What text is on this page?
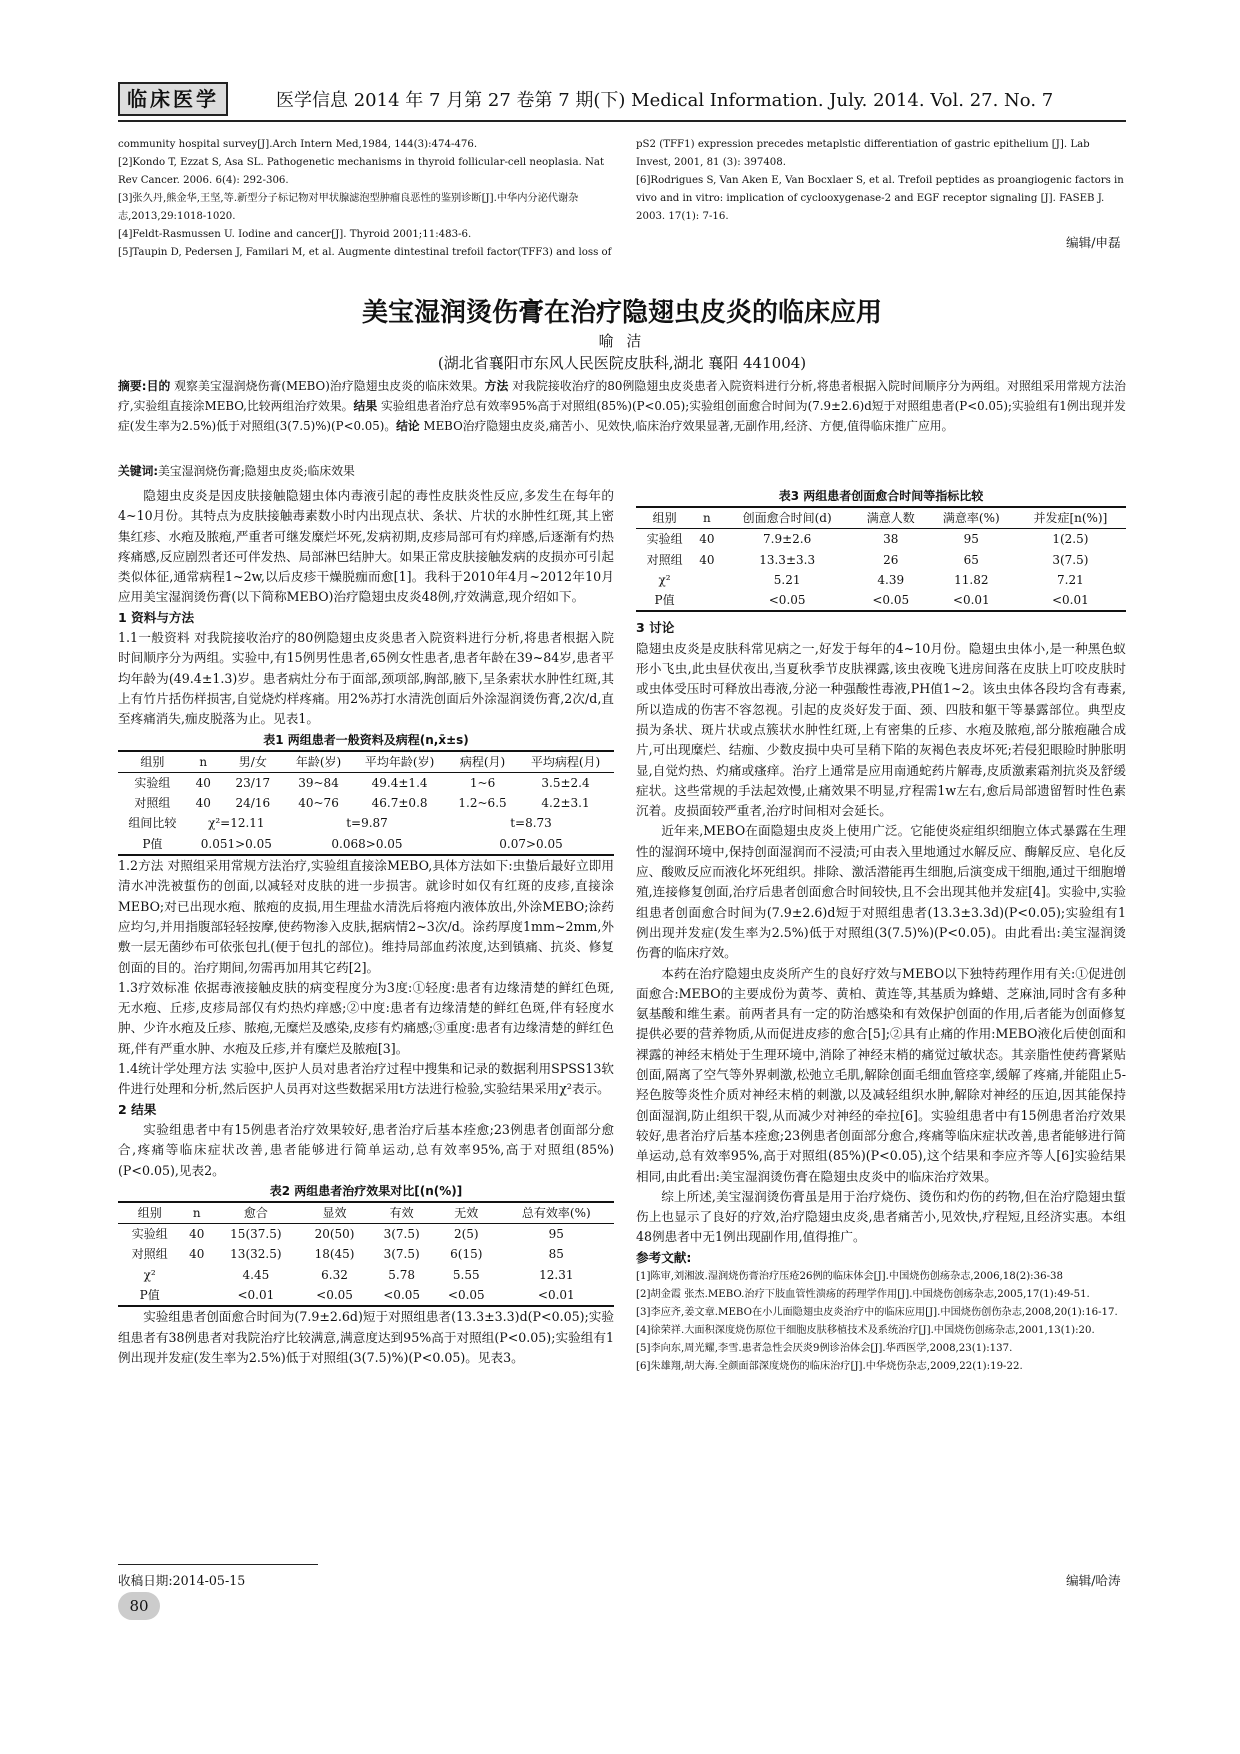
临床医学	医学信息 2014 年 7 月第 27 卷第 7 期(下) Medical Information. July. 2014. Vol. 27. No. 7

community hospital survey[J].Arch Intern Med,1984, 144(3):474-476.

[2]Kondo T, Ezzat S, Asa SL. Pathogenetic mechanisms in thyroid follicular-cell neoplasia. Nat Rev Cancer. 2006. 6(4): 292-306.

[3]张久丹,熊金华,王坚,等.新型分子标记物对甲状腺滤泡型肿瘤良恶性的鉴别诊断[J].中华内分泌代谢杂志,2013,29:1018-1020.

[4]Feldt-Rasmussen U. Iodine and cancer[J]. Thyroid 2001;11:483-6.

[5]Taupin D, Pedersen J, Familari M, et al. Augmente dintestinal trefoil factor(TFF3) and loss of

pS2 (TFF1) expression precedes metaplstic differentiation of gastric epithelium [J]. Lab Invest, 2001, 81 (3): 397408.

[6]Rodrigues S, Van Aken E, Van Bocxlaer S, et al. Trefoil peptides as proangiogenic factors in vivo and in vitro: implication of cyclooxygenase-2 and EGF receptor signaling [J]. FASEB J. 2003. 17(1): 7-16.

编辑/申磊
美宝湿润烫伤膏在治疗隐翅虫皮炎的临床应用
喻 洁
(湖北省襄阳市东风人民医院皮肤科,湖北 襄阳 441004)
摘要:目的 观察美宝湿润烧伤膏(MEBO)治疗隐翅虫皮炎的临床效果。方法 对我院接收治疗的80例隐翅虫皮炎患者入院资料进行分析,将患者根据入院时间顺序分为两组。对照组采用常规方法治疗,实验组直接涂MEBO,比较两组治疗效果。结果 实验组患者治疗总有效率95%高于对照组(85%)(P<0.05);实验组创面愈合时间为(7.9±2.6)d短于对照组患者(P<0.05);实验组有1例出现并发症(发生率为2.5%)低于对照组(3(7.5)%)(P<0.05)。结论 MEBO治疗隐翅虫皮炎,痛苦小、见效快,临床治疗效果显著,无副作用,经济、方便,值得临床推广应用。
关键词:美宝湿润烧伤膏;隐翅虫皮炎;临床效果

隐翅虫皮炎是因皮肤接触隐翅虫体内毒液引起的毒性皮肤炎性反应,多发生在每年的4~10月份。其特点为皮肤接触毒素数小时内出现点状、条状、片状的水肿性红斑,其上密集红疹、水疱及脓疱,严重者可继发糜烂坏死,发病初期,皮疹局部可有灼痒感,后逐渐有灼热疼痛感,反应剧烈者还可伴发热、局部淋巴结肿大。如果正常皮肤接触发病的皮损亦可引起类似体征,通常病程1~2w,以后皮疹干燥脱痂而愈[1]。我科于2010年4月~2012年10月应用美宝湿润烫伤膏(以下简称MEBO)治疗隐翅虫皮炎48例,疗效满意,现介绍如下。

1 资料与方法

1.1一般资料 对我院接收治疗的80例隐翅虫皮炎患者入院资料进行分析,将患者根据入院时间顺序分为两组。实验中,有15例男性患者,65例女性患者,患者年龄在39~84岁,患者平均年龄为(49.4±1.3)岁。患者病灶分布于面部,颈项部,胸部,腋下,呈条索状水肿性红斑,其上有竹片括伤样损害,自觉烧灼样疼痛。用2%苏打水清洗创面后外涂湿润烫伤膏,2次/d,直至疼痛消失,痂皮脱落为止。见表1。

表1 两组患者一般资料及病程(n,x̄±s)
组别	n	男/女	年龄(岁)	平均年龄(岁)	病程(月)	平均病程(月)
实验组	40	23/17	39~84	49.4±1.4	1~6	3.5±2.4
对照组	40	24/16	40~76	46.7±0.8	1.2~6.5	4.2±3.1
组间比较	χ²=12.11		t=9.87		t=8.73	
P值	0.051>0.05		0.068>0.05		0.07>0.05	

1.2方法 对照组采用常规方法治疗,实验组直接涂MEBO,具体方法如下:虫蛰后最好立即用清水冲洗被蜇伤的创面,以减轻对皮肤的进一步损害。就诊时如仅有红斑的皮疹,直接涂MEBO;对已出现水疱、脓疱的皮损,用生理盐水清洗后将疱内液体放出,外涂MEBO;涂药应均匀,并用指腹部轻轻按摩,使药物渗入皮肤,据病情2~3次/d。涂药厚度1mm~2mm,外敷一层无菌纱布可依张包扎(便于包扎的部位)。维持局部血药浓度,达到镇痛、抗炎、修复创面的目的。治疗期间,勿需再加用其它药[2]。

1.3疗效标准 依据毒液接触皮肤的病变程度分为3度:①轻度:患者有边缘清楚的鲜红色斑,无水疱、丘疹,皮疹局部仅有灼热灼痒感;②中度:患者有边缘清楚的鲜红色斑,伴有轻度水肿、少许水疱及丘疹、脓疱,无糜烂及感染,皮疹有灼痛感;③重度:患者有边缘清楚的鲜红色斑,伴有严重水肿、水疱及丘疹,并有糜烂及脓疱[3]。

1.4统计学处理方法 实验中,医护人员对患者治疗过程中搜集和记录的数据利用SPSS13软件进行处理和分析,然后医护人员再对这些数据采用t方法进行检验,实验结果采用χ²表示。

2 结果

实验组患者中有15例患者治疗效果较好,患者治疗后基本痊愈;23例患者创面部分愈合,疼痛等临床症状改善,患者能够进行简单运动,总有效率95%,高于对照组(85%)(P<0.05),见表2。

表2 两组患者治疗效果对比[(n(%)]
组别	n	愈合	显效	有效	无效	总有效率(%)
实验组	40	15(37.5)	20(50)	3(7.5)	2(5)	95
对照组	40	13(32.5)	18(45)	3(7.5)	6(15)	85
χ²		4.45	6.32	5.78	5.55	12.31
P值		<0.01	<0.05	<0.05	<0.05	<0.01

实验组患者创面愈合时间为(7.9±2.6d)短于对照组患者(13.3±3.3)d(P<0.05);实验组患者有38例患者对我院治疗比较满意,满意度达到95%高于对照组(P<0.05);实验组有1例出现并发症(发生率为2.5%)低于对照组(3(7.5)%)(P<0.05)。见表3。

表3 两组患者创面愈合时间等指标比较
组别	n	创面愈合时间(d)	满意人数	满意率(%)	并发症[n(%)]
实验组	40	7.9±2.6	38	95	1(2.5)
对照组	40	13.3±3.3	26	65	3(7.5)
χ²		5.21	4.39	11.82	7.21
P值		<0.05	<0.05	<0.01	<0.01

3 讨论

隐翅虫皮炎是皮肤科常见病之一,好发于每年的4~10月份。隐翅虫虫体小,是一种黑色蚁形小飞虫,此虫昼伏夜出,当夏秋季节皮肤裸露,该虫夜晚飞进房间落在皮肤上叮咬皮肤时或虫体受压时可释放出毒液,分泌一种强酸性毒液,PH值1~2。该虫虫体各段均含有毒素,所以造成的伤害不容忽视。引起的皮炎好发于面、颈、四肢和躯干等暴露部位。典型皮损为条状、斑片状或点簇状水肿性红斑,上有密集的丘疹、水疱及脓疱,部分脓疱融合成片,可出现糜烂、结痂、少数皮损中央可呈稍下陷的灰褐色表皮坏死;若侵犯眼睑时肿胀明显,自觉灼热、灼痛或瘙痒。治疗上通常是应用南通蛇药片解毒,皮质激素霜剂抗炎及舒缓症状。这些常规的手法起效慢,止痛效果不明显,疗程需1w左右,愈后局部遗留暂时性色素沉着。皮损面较严重者,治疗时间相对会延长。

近年来,MEBO在面隐翅虫皮炎上使用广泛。它能使炎症组织细胞立体式暴露在生理性的湿润环境中,保持创面湿润而不浸渍;可由表入里地通过水解反应、酶解反应、皂化反应、酸败反应而液化坏死组织。排除、激活潜能再生细胞,后演变成干细胞,通过干细胞增殖,连接修复创面,治疗后患者创面愈合时间较快,且不会出现其他并发症[4]。实验中,实验组患者创面愈合时间为(7.9±2.6)d短于对照组患者(13.3±3.3d)(P<0.05);实验组有1例出现并发症(发生率为2.5%)低于对照组(3(7.5)%)(P<0.05)。由此看出:美宝湿润烫伤膏的临床疗效。

本药在治疗隐翅虫皮炎所产生的良好疗效与MEBO以下独特药理作用有关:①促进创面愈合:MEBO的主要成份为黄芩、黄柏、黄连等,其基质为蜂蜡、芝麻油,同时含有多种氨基酸和维生素。前两者具有一定的防治感染和有效保护创面的作用,后者能为创面修复提供必要的营养物质,从而促进皮疹的愈合[5];②具有止痛的作用:MEBO液化后使创面和裸露的神经末梢处于生理环境中,消除了神经末梢的痛觉过敏状态。其亲脂性使药膏紧贴创面,隔离了空气等外界刺激,松弛立毛肌,解除创面毛细血管痉挛,缓解了疼痛,并能阻止5-羟色胺等炎性介质对神经末梢的刺激,以及减轻组织水肿,解除对神经的压迫,因其能保持创面湿润,防止组织干裂,从而减少对神经的牵拉[6]。实验组患者中有15例患者治疗效果较好,患者治疗后基本痊愈;23例患者创面部分愈合,疼痛等临床症状改善,患者能够进行简单运动,总有效率95%,高于对照组(85%)(P<0.05),这个结果和李应齐等人[6]实验结果相同,由此看出:美宝湿润烫伤膏在隐翅虫皮炎中的临床治疗效果。

综上所述,美宝湿润烫伤膏虽是用于治疗烧伤、烫伤和灼伤的药物,但在治疗隐翅虫蜇伤上也显示了良好的疗效,治疗隐翅虫皮炎,患者痛苦小,见效快,疗程短,且经济实惠。本组48例患者中无1例出现副作用,值得推广。

参考文献:

[1]陈审,刘湘波.湿润烧伤膏治疗压疮26例的临床体会[J].中国烧伤创疡杂志,2006,18(2):36-38

[2]胡金霞 张杰.MEBO.治疗下肢血管性溃疡的药理学作用[J].中国烧伤创疡杂志,2005,17(1):49-51.

[3]李应齐,姜文章.MEBO在小儿面隐翅虫皮炎治疗中的临床应用[J].中国烧伤创伤杂志,2008,20(1):16-17.

[4]徐荣祥.大面积深度烧伤原位干细胞皮肤移植技术及系统治疗[J].中国烧伤创疡杂志,2001,13(1):20.

[5]李向东,周光耀,李雪.患者急性会厌炎9例诊治体会[J].华西医学,2008,23(1):137.

[6]朱雄翔,胡大海.全颜面部深度烧伤的临床治疗[J].中华烧伤杂志,2009,22(1):19-22.

收稿日期:2014-05-15
80
编辑/哈涛
